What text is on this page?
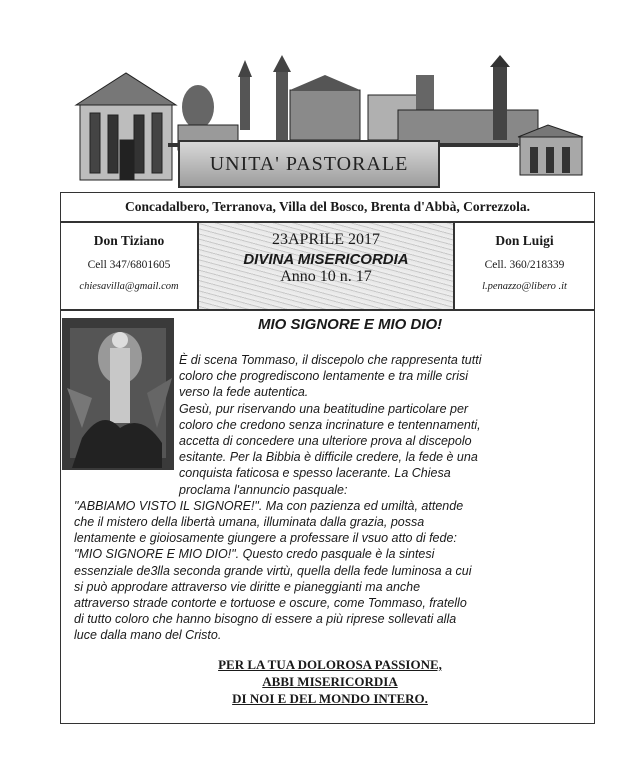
UNITA' PASTORALE
Concadalbero, Terranova, Villa del Bosco, Brenta d'Abbà, Correzzola.
Don Tiziano
Cell 347/6801605
chiesavilla@gmail.com
23APRILE 2017
DIVINA MISERICORDIA
Anno 10 n. 17
Don Luigi
Cell. 360/218339
l.penazzo@libero .it
MIO SIGNORE E MIO DIO!
È di scena Tommaso, il discepolo che rappresenta tutti
coloro che progrediscono lentamente e tra mille crisi
verso la fede autentica.
Gesù, pur riservando una beatitudine particolare per
coloro che credono senza incrinature e tentennamenti,
accetta di concedere una ulteriore prova al discepolo
esitante. Per la Bibbia è difficile credere, la fede è una
conquista faticosa e spesso lacerante. La Chiesa
proclama l'annuncio pasquale:
"ABBIAMO VISTO IL SIGNORE!". Ma con pazienza ed umiltà, attende
che il mistero della libertà umana, illuminata dalla grazia, possa
lentamente e gioiosamente giungere a professare il vsuo atto di fede:
"MIO SIGNORE E MIO DIO!". Questo credo pasquale è la sintesi
essenziale de3lla seconda grande virtù, quella della fede luminosa a cui
si può approdare attraverso vie diritte e pianeggianti ma anche
attraverso strade contorte e tortuose e oscure, come Tommaso, fratello
di tutto coloro che hanno bisogno di essere a più riprese sollevati alla
luce dalla mano del Cristo.
PER LA TUA DOLOROSA PASSIONE,
ABBI MISERICORDIA
DI NOI E DEL MONDO INTERO.
